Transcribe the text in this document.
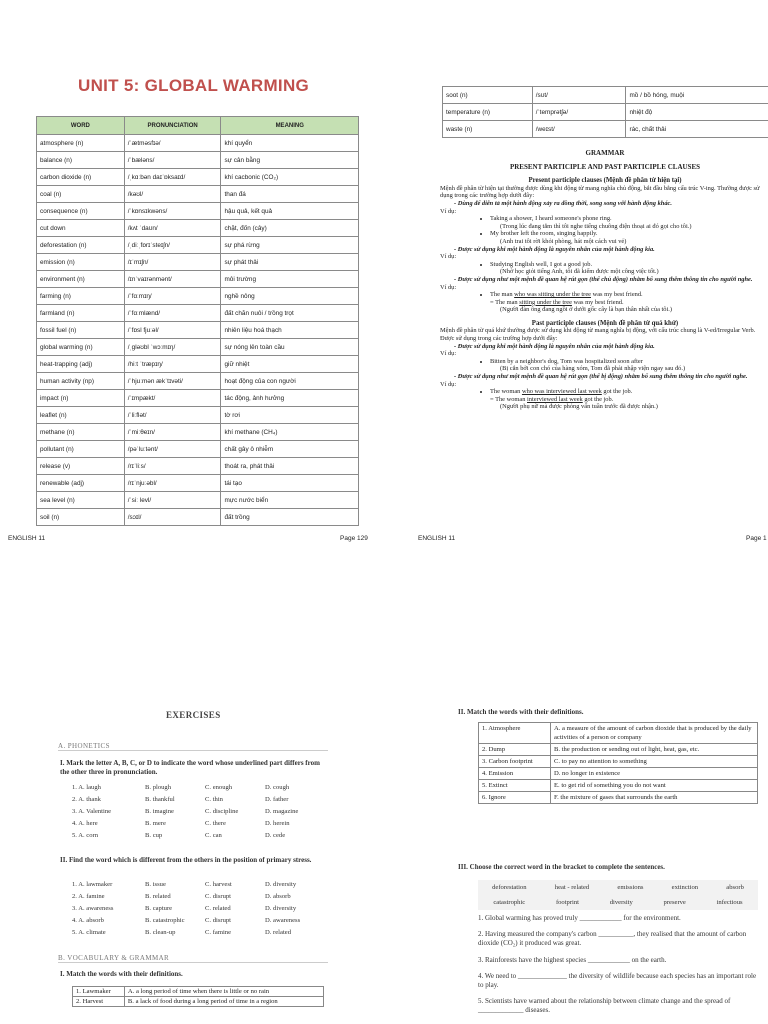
UNIT 5: GLOBAL WARMING
WORD	PRONUNCIATION	MEANING
atmosphere (n)	/ˈætməsfɪə/	khí quyển
balance (n)	/ˈbæləns/	sự cân bằng
carbon dioxide (n)	/ˌkɑːbən daɪˈɒksaɪd/	khí cacbonic (CO₂)
coal (n)	/kəʊl/	than đá
consequence (n)	/ˈkɒnsɪkwəns/	hậu quả, kết quả
cut down	/kʌt ˈdaʊn/	chặt, đốn (cây)
deforestation (n)	/ˌdiːˌfɒrɪˈsteɪʃn/	sự phá rừng
emission (n)	/ɪˈmɪʃn/	sự phát thải
environment (n)	/ɪnˈvaɪrənmənt/	môi trường
farming (n)	/ˈfɑːmɪŋ/	nghề nông
farmland (n)	/ˈfɑːmlænd/	đất chăn nuôi / trồng trọt
fossil fuel (n)	/ˈfɒsl fjuːəl/	nhiên liệu hoá thạch
global warming (n)	/ˌɡləʊbl ˈwɔːmɪŋ/	sự nóng lên toàn cầu
heat-trapping (adj)	/hiːt ˈtræpɪŋ/	giữ nhiệt
human activity (np)	/ˈhjuːmən ækˈtɪvəti/	hoạt động của con người
impact (n)	/ˈɪmpækt/	tác động, ảnh hưởng
leaflet (n)	/ˈliːflət/	tờ rơi
methane (n)	/ˈmiːθeɪn/	khí methane (CH₄)
pollutant (n)	/pəˈluːtənt/	chất gây ô nhiễm
release (v)	/rɪˈliːs/	thoát ra, phát thải
renewable (adj)	/rɪˈnjuːəbl/	tái tạo
sea level (n)	/ˈsiː levl/	mực nước biển
soil (n)	/sɔɪl/	đất trồng
ENGLISH 11	Page 129
soot (n)	/sʊt/	mồ / bồ hóng, muội
temperature (n)	/ˈtemprətʃə/	nhiệt độ
waste (n)	/weɪst/	rác, chất thải
GRAMMAR
PRESENT PARTICIPLE AND PAST PARTICIPLE CLAUSES
Present participle clauses (Mệnh đề phân từ hiện tại)
Mệnh đề phân từ hiện tại thường được dùng khi động từ mang nghĩa chủ động, bắt đầu bằng cấu trúc V-ing. Thường được sử dụng trong các trường hợp dưới đây:
- Dùng để diễn tả một hành động xảy ra đồng thời, song song với hành động khác.
Ví dụ:
• Taking a shower, I heard someone's phone ring.
(Trong lúc đang tắm thì tôi nghe tiếng chuông điện thoại ai đó gọi cho tôi.)
• My brother left the room, singing happily.
(Anh trai tôi rời khỏi phòng, hát một cách vui vẻ)
- Được sử dụng khi một hành động là nguyên nhân của một hành động kia.
Ví dụ:
• Studying English well, I got a good job.
(Nhờ học giỏi tiếng Anh, tôi đã kiếm được một công việc tốt.)
- Được sử dụng như một mệnh đề quan hệ rút gọn (thể chủ động) nhằm bổ sung thêm thông tin cho người nghe.
Ví dụ:
• The man who was sitting under the tree was my best friend.
= The man sitting under the tree was my best friend.
(Người đàn ông đang ngồi ở dưới gốc cây là bạn thân nhất của tôi.)
Past participle clauses (Mệnh đề phân từ quá khứ)
Mệnh đề phân từ quá khứ thường được sử dụng khi động từ mang nghĩa bị động, với cấu trúc chung là V-ed/Irregular Verb. Được sử dụng trong các trường hợp dưới đây:
- Được sử dụng khi một hành động là nguyên nhân của một hành động kia.
Ví dụ:
• Bitten by a neighbor's dog, Tom was hospitalized soon after
(Bị cắn bởi con chó của hàng xóm, Tom đã phải nhập viện ngay sau đó.)
- Được sử dụng như một mệnh đề quan hệ rút gọn (thể bị động) nhằm bổ sung thêm thông tin cho người nghe.
Ví dụ:
• The woman who was interviewed last week got the job.
= The woman interviewed last week got the job.
(Người phụ nữ mà được phỏng vấn tuần trước đã được nhận.)
ENGLISH 11	Page 1
EXERCISES
A. PHONETICS
I. Mark the letter A, B, C, or D to indicate the word whose underlined part differs from the other three in pronunciation.
1. A. laugh	B. plough	C. enough	D. cough
2. A. thank	B. thankful	C. thin	D. father
3. A. Valentine	B. imagine	C. discipline	D. magazine
4. A. here	B. mere	C. there	D. herein
5. A. corn	B. cup	C. can	D. cede
II. Find the word which is different from the others in the position of primary stress.
1. A. lawmaker	B. issue	C. harvest	D. diversity
2. A. famine	B. related	C. disrupt	D. absorb
3. A. awareness	B. capture	C. related	D. diversity
4. A. absorb	B. catastrophic	C. disrupt	D. awareness
5. A. climate	B. clean-up	C. famine	D. related
B. VOCABULARY & GRAMMAR
I. Match the words with their definitions.
1. Lawmaker	A. a long period of time when there is little or no rain
2. Harvest	B. a lack of food during a long period of time in a region
II. Match the words with their definitions.
1. Atmosphere	A. a measure of the amount of carbon dioxide that is produced by the daily activities of a person or company
2. Dump	B. the production or sending out of light, heat, gas, etc.
3. Carbon footprint	C. to pay no attention to something
4. Emission	D. no longer in existence
5. Extinct	E. to get rid of something you do not want
6. Ignore	F. the mixture of gases that surrounds the earth
III. Choose the correct word in the bracket to complete the sentences.
deforestation	heat - related	emissions	extinction	absorb
catastrophic	footprint	diversity	preserve	infectious
1. Global warming has proved truly ____________ for the environment.
2. Having measured the company's carbon __________, they realised that the amount of carbon dioxide (CO₂) it produced was great.
3. Rainforests have the highest species ____________ on the earth.
4. We need to ______________ the diversity of wildlife because each species has an important role to play.
5. Scientists have warned about the relationship between climate change and the spread of _____________ diseases.
